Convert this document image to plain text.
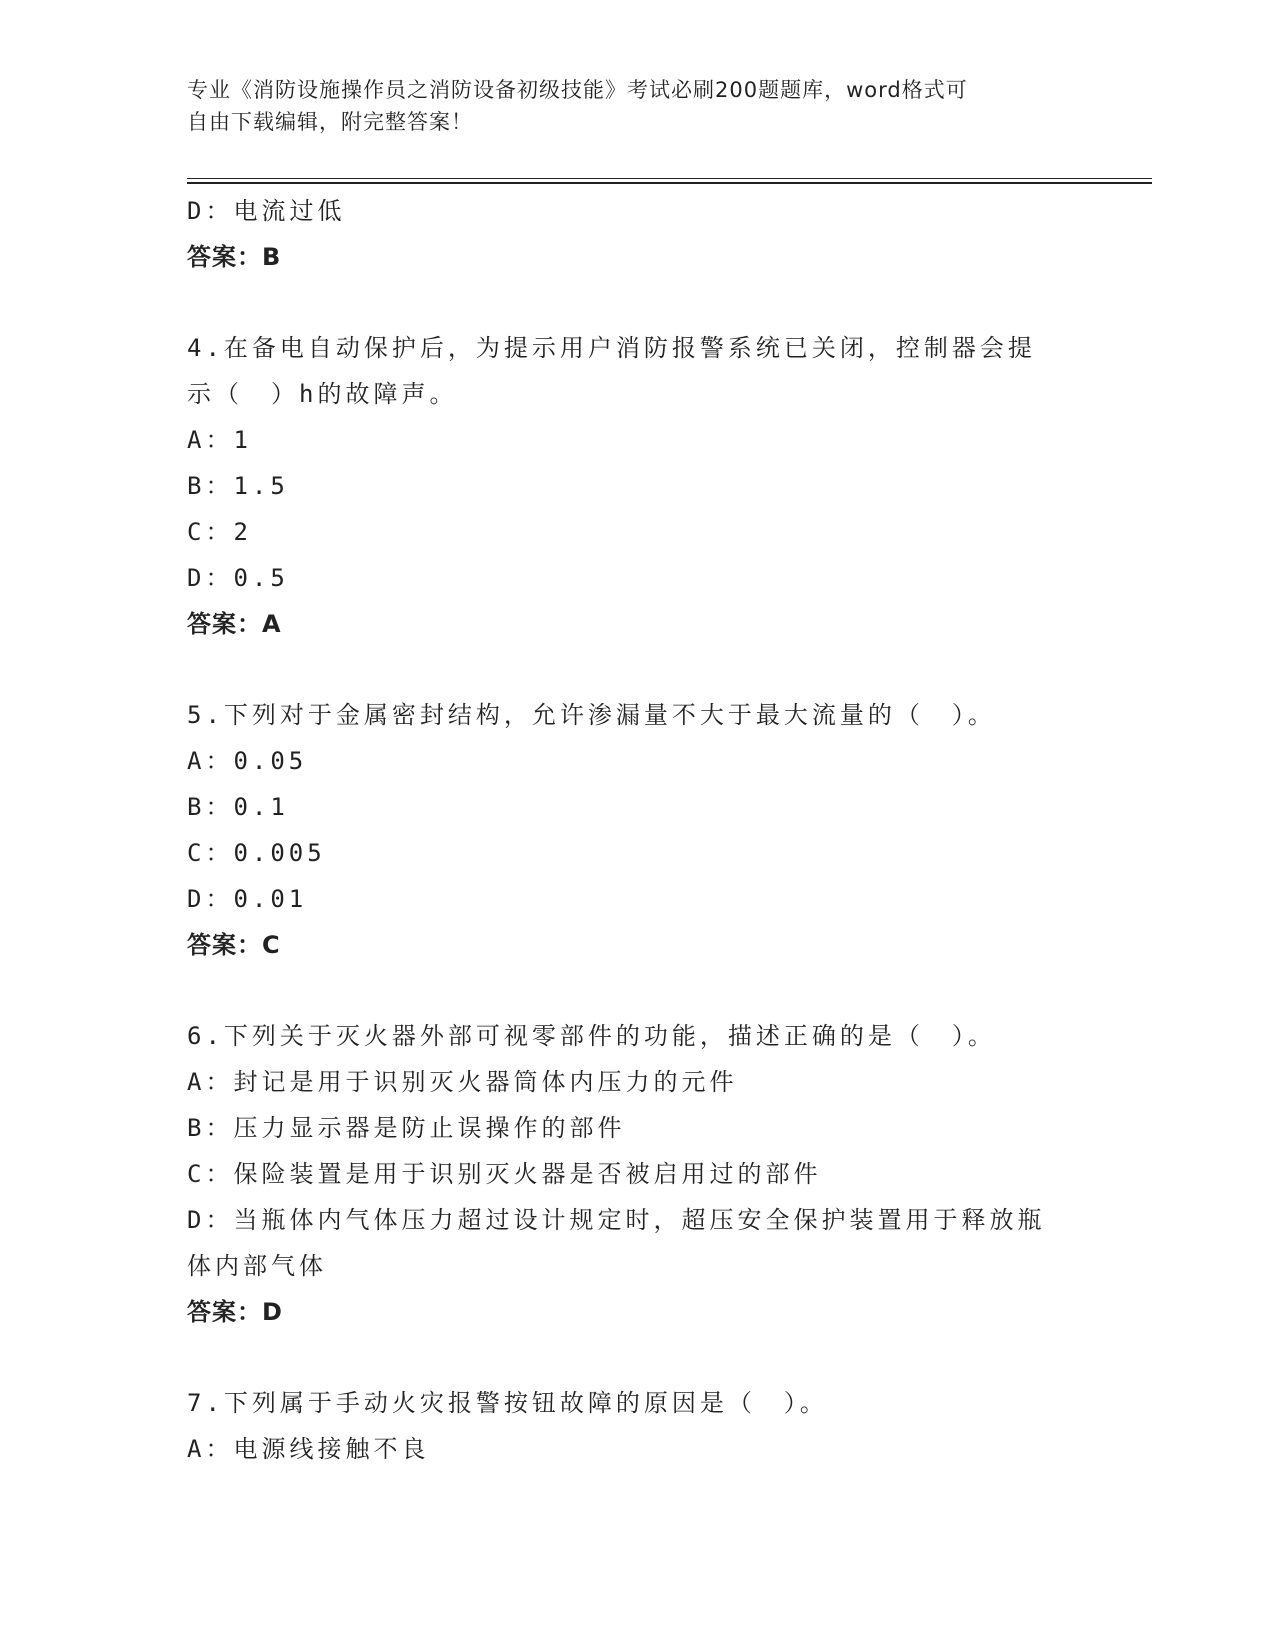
专业《消防设施操作员之消防设备初级技能》考试必刷200题题库，word格式可
自由下载编辑，附完整答案！
D：电流过低
答案：B
4.在备电自动保护后，为提示用户消防报警系统已关闭，控制器会提
示（　）h的故障声。
A：1
B：1.5
C：2
D：0.5
答案：A
5.下列对于金属密封结构，允许渗漏量不大于最大流量的（　）。
A：0.05
B：0.1
C：0.005
D：0.01
答案：C
6.下列关于灭火器外部可视零部件的功能，描述正确的是（　）。
A：封记是用于识别灭火器筒体内压力的元件
B：压力显示器是防止误操作的部件
C：保险装置是用于识别灭火器是否被启用过的部件
D：当瓶体内气体压力超过设计规定时，超压安全保护装置用于释放瓶
体内部气体
答案：D
7.下列属于手动火灾报警按钮故障的原因是（　）。
A：电源线接触不良
